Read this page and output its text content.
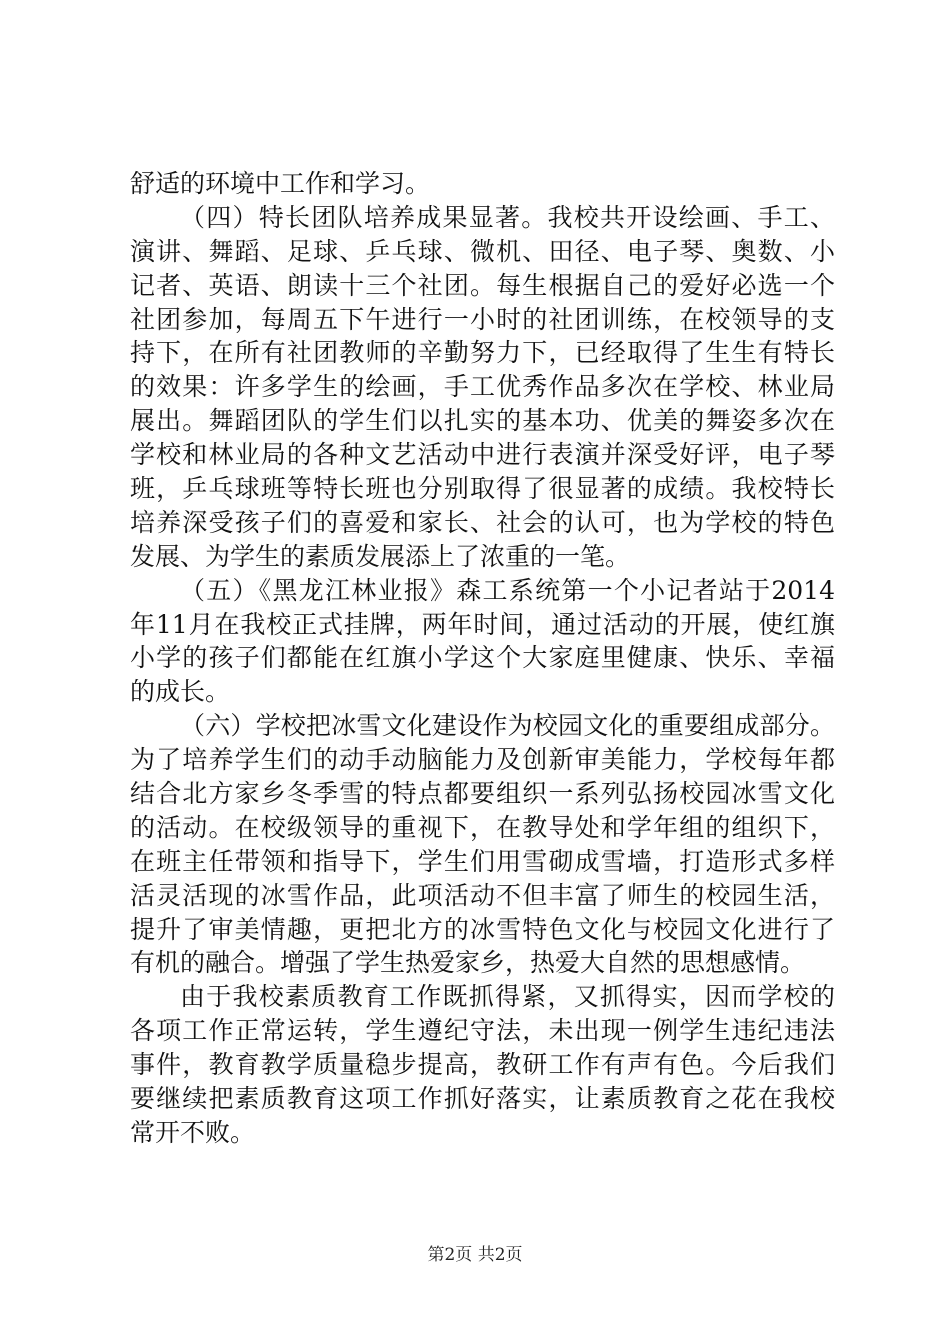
舒适的环境中工作和学习。
（四）特长团队培养成果显著。我校共开设绘画、手工、
演讲、舞蹈、足球、乒乓球、微机、田径、电子琴、奥数、小
记者、英语、朗读十三个社团。每生根据自己的爱好必选一个
社团参加，每周五下午进行一小时的社团训练，在校领导的支
持下，在所有社团教师的辛勤努力下，已经取得了生生有特长
的效果：许多学生的绘画，手工优秀作品多次在学校、林业局
展出。舞蹈团队的学生们以扎实的基本功、优美的舞姿多次在
学校和林业局的各种文艺活动中进行表演并深受好评，电子琴
班，乒乓球班等特长班也分别取得了很显著的成绩。我校特长
培养深受孩子们的喜爱和家长、社会的认可，也为学校的特色
发展、为学生的素质发展添上了浓重的一笔。
（五）《黑龙江林业报》森工系统第一个小记者站于2014
年11月在我校正式挂牌，两年时间，通过活动的开展，使红旗
小学的孩子们都能在红旗小学这个大家庭里健康、快乐、幸福
的成长。
（六）学校把冰雪文化建设作为校园文化的重要组成部分。
为了培养学生们的动手动脑能力及创新审美能力，学校每年都
结合北方家乡冬季雪的特点都要组织一系列弘扬校园冰雪文化
的活动。在校级领导的重视下，在教导处和学年组的组织下，
在班主任带领和指导下，学生们用雪砌成雪墙，打造形式多样
活灵活现的冰雪作品，此项活动不但丰富了师生的校园生活，
提升了审美情趣，更把北方的冰雪特色文化与校园文化进行了
有机的融合。增强了学生热爱家乡，热爱大自然的思想感情。
由于我校素质教育工作既抓得紧，又抓得实，因而学校的
各项工作正常运转，学生遵纪守法，未出现一例学生违纪违法
事件，教育教学质量稳步提高，教研工作有声有色。今后我们
要继续把素质教育这项工作抓好落实，让素质教育之花在我校
常开不败。
第2页 共2页
